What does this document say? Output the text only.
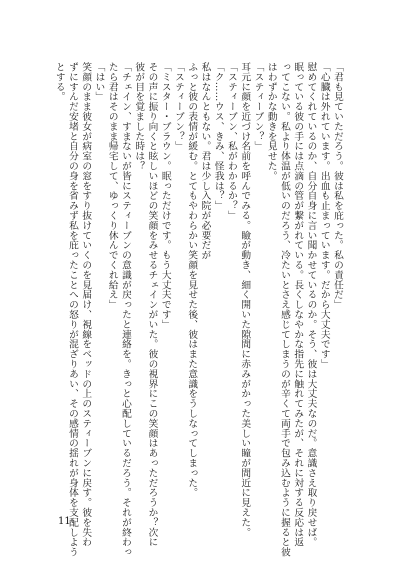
「君も見ていただろう。彼は私を庇った。私の責任だ」
「心臓は外れています。出血も止まっています。だから大丈夫です」
慰めてくれているのか、自分自身に言い聞かせているのか。そう、彼は大丈夫なのだ。意識さえ取り戻せば。
眠っている彼の手には点滴の管が繋がれている。長くしなやかな指先に触れてみたが、それに対する反応は返
ってこない。私より体温が低いのだろう、冷たいとさえ感じてしまうのが辛くて両手で包み込むように握ると彼
はわずかな動きを見せた。
「スティーブン？」
耳元に顔を近づけ名前を呼んでみる。瞼が動き、細く開いた隙間に赤みがかった美しい瞳が間近に見えた。
「スティーブン、私がわかるか？」
「ク……ウス、きみ、怪我は？」
私はなんともない。君は少し入院が必要だが
ふっと彼の表情が緩む。とてもやわらかい笑顔を見せた後、彼はまた意識をうしなってしまった。
「スティーブン？」
「ミスター・ブラウン。眠っただけです。もう大丈夫です」
その声に振り向くと眩しいほどの笑顔をみせるチェインがいた。彼の視界にこの笑顔はあっただろうか？次に
彼が目を覚ました時は？
「チェイン、すまないが皆にスティーブンの意識が戻ったと連絡を。きっと心配しているだろう。それが終わっ
たら君はそのまま帰宅して、ゆっくり休んでくれ給え」
「はい」
笑顔のまま彼女が病室の窓をすり抜けていくのを見届け、視線をベッドの上のスティーブンに戻す。彼を失わ
ずにすんだ安堵と自分の身を省みず私を庇ったことへの怒りが混ざりあい、その感情の揺れが身体を支配しよう
とする。
11
